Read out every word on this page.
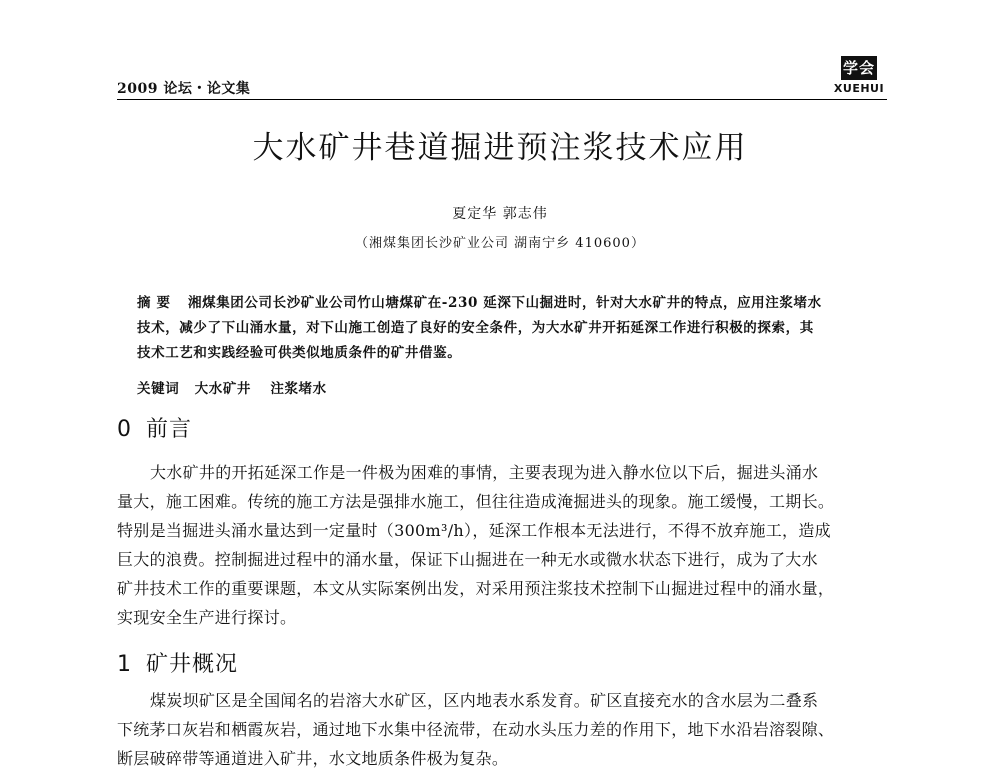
2009 论坛・论文集
学会
XUEHUI
大水矿井巷道掘进预注浆技术应用
夏定华 郭志伟
（湘煤集团长沙矿业公司 湖南宁乡 410600）
摘要 湘煤集团公司长沙矿业公司竹山塘煤矿在-230 延深下山掘进时，针对大水矿井的特点，应用注浆堵水
技术，减少了下山涌水量，对下山施工创造了良好的安全条件，为大水矿井开拓延深工作进行积极的探索，其
技术工艺和实践经验可供类似地质条件的矿井借鉴。
关键词 大水矿井 注浆堵水
0 前言
大水矿井的开拓延深工作是一件极为困难的事情，主要表现为进入静水位以下后，掘进头涌水
量大，施工困难。传统的施工方法是强排水施工，但往往造成淹掘进头的现象。施工缓慢，工期长。
特别是当掘进头涌水量达到一定量时（300m³/h），延深工作根本无法进行，不得不放弃施工，造成
巨大的浪费。控制掘进过程中的涌水量，保证下山掘进在一种无水或微水状态下进行，成为了大水
矿井技术工作的重要课题，本文从实际案例出发，对采用预注浆技术控制下山掘进过程中的涌水量，
实现安全生产进行探讨。
1 矿井概况
煤炭坝矿区是全国闻名的岩溶大水矿区，区内地表水系发育。矿区直接充水的含水层为二叠系
下统茅口灰岩和栖霞灰岩，通过地下水集中径流带，在动水头压力差的作用下，地下水沿岩溶裂隙、
断层破碎带等通道进入矿井，水文地质条件极为复杂。
